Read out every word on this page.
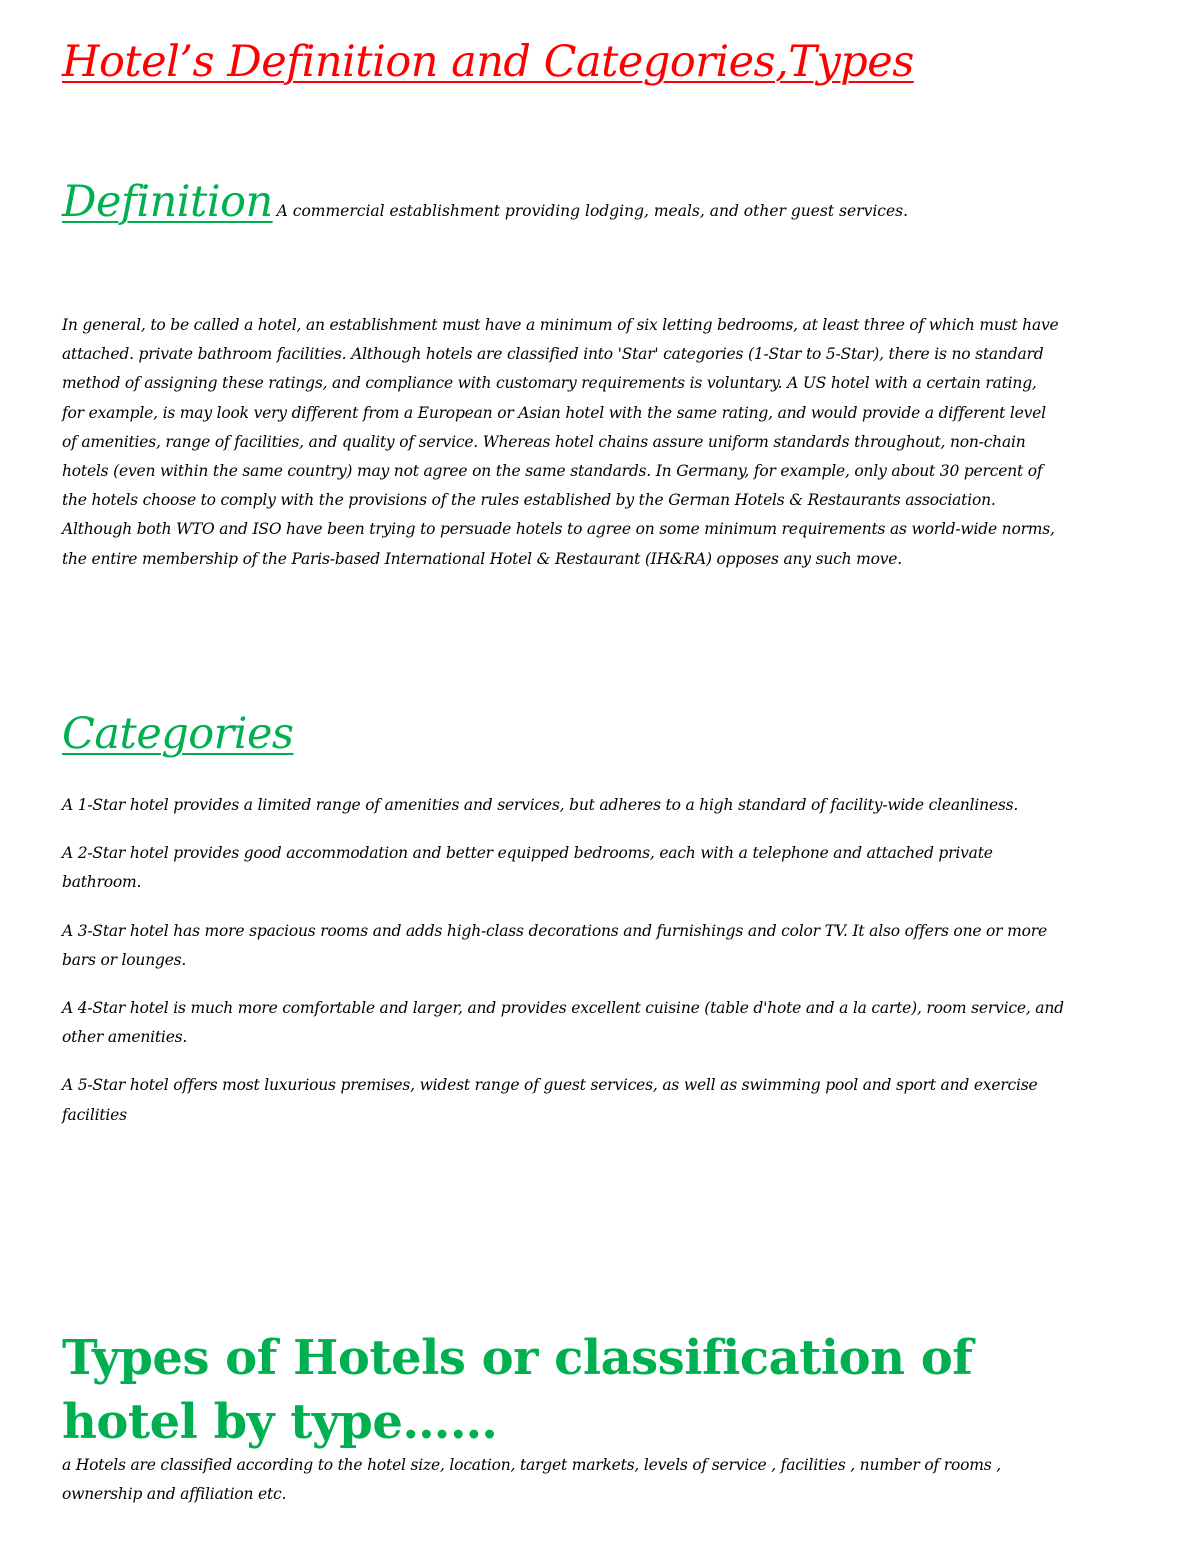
Hotel’s Definition and Categories,Types
Definition A commercial establishment providing lodging, meals, and other guest services.

In general, to be called a hotel, an establishment must have a minimum of six letting bedrooms, at least three of which must have attached. private bathroom facilities. Although hotels are classified into 'Star' categories (1-Star to 5-Star), there is no standard method of assigning these ratings, and compliance with customary requirements is voluntary. A US hotel with a certain rating, for example, is may look very different from a European or Asian hotel with the same rating, and would provide a different level of amenities, range of facilities, and quality of service. Whereas hotel chains assure uniform standards throughout, non-chain hotels (even within the same country) may not agree on the same standards. In Germany, for example, only about 30 percent of the hotels choose to comply with the provisions of the rules established by the German Hotels & Restaurants association. Although both WTO and ISO have been trying to persuade hotels to agree on some minimum requirements as world-wide norms, the entire membership of the Paris-based International Hotel & Restaurant (IH&RA) opposes any such move.

Categories
A 1-Star hotel provides a limited range of amenities and services, but adheres to a high standard of facility-wide cleanliness.
A 2-Star hotel provides good accommodation and better equipped bedrooms, each with a telephone and attached private bathroom.
A 3-Star hotel has more spacious rooms and adds high-class decorations and furnishings and color TV. It also offers one or more bars or lounges.
A 4-Star hotel is much more comfortable and larger, and provides excellent cuisine (table d'hote and a la carte), room service, and other amenities.
A 5-Star hotel offers most luxurious premises, widest range of guest services, as well as swimming pool and sport and exercise facilities
Types of Hotels or classification of hotel by type……

a Hotels are classified according to the hotel size, location, target markets, levels of service , facilities , number of rooms , ownership and affiliation etc.
